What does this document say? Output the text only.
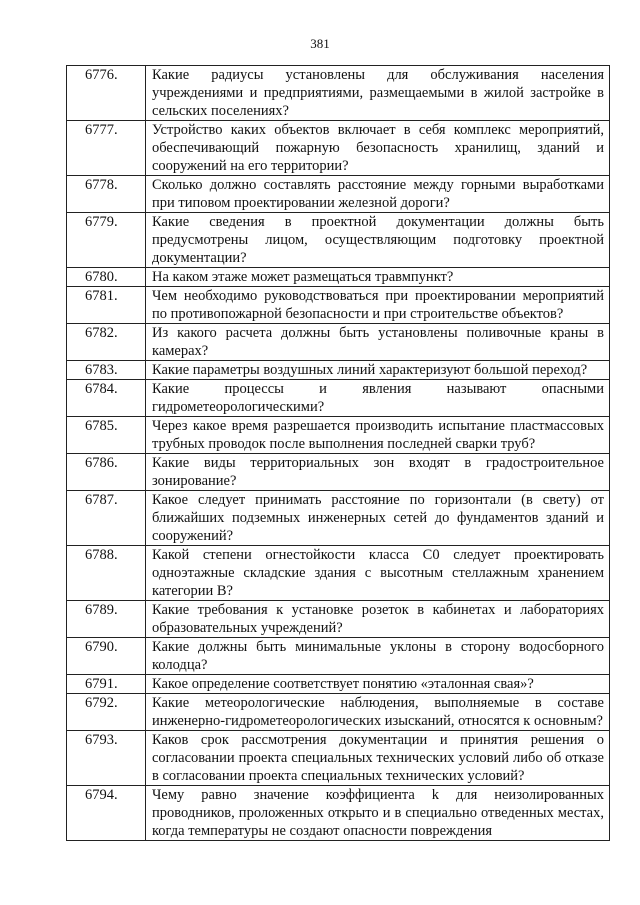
381
6776.	Какие радиусы установлены для обслуживания населения учреждениями и предприятиями, размещаемыми в жилой застройке в сельских поселениях?
6777.	Устройство каких объектов включает в себя комплекс мероприятий, обеспечивающий пожарную безопасность хранилищ, зданий и сооружений на его территории?
6778.	Сколько должно составлять расстояние между горными выработками при типовом проектировании железной дороги?
6779.	Какие сведения в проектной документации должны быть предусмотрены лицом, осуществляющим подготовку проектной документации?
6780.	На каком этаже может размещаться травмпункт?
6781.	Чем необходимо руководствоваться при проектировании мероприятий по противопожарной безопасности и при строительстве объектов?
6782.	Из какого расчета должны быть установлены поливочные краны в камерах?
6783.	Какие параметры воздушных линий характеризуют большой переход?
6784.	Какие процессы и явления называют опасными гидрометеорологическими?
6785.	Через какое время разрешается производить испытание пластмассовых трубных проводок после выполнения последней сварки труб?
6786.	Какие виды территориальных зон входят в градостроительное зонирование?
6787.	Какое следует принимать расстояние по горизонтали (в свету) от ближайших подземных инженерных сетей до фундаментов зданий и сооружений?
6788.	Какой степени огнестойкости класса С0 следует проектировать одноэтажные складские здания с высотным стеллажным хранением категории В?
6789.	Какие требования к установке розеток в кабинетах и лабораториях образовательных учреждений?
6790.	Какие должны быть минимальные уклоны в сторону водосборного колодца?
6791.	Какое определение соответствует понятию «эталонная свая»?
6792.	Какие метеорологические наблюдения, выполняемые в составе инженерно-гидрометеорологических изысканий, относятся к основным?
6793.	Каков срок рассмотрения документации и принятия решения о согласовании проекта специальных технических условий либо об отказе в согласовании проекта специальных технических условий?
6794.	Чему равно значение коэффициента k для неизолированных проводников, проложенных открыто и в специально отведенных местах, когда температуры не создают опасности повреждения
